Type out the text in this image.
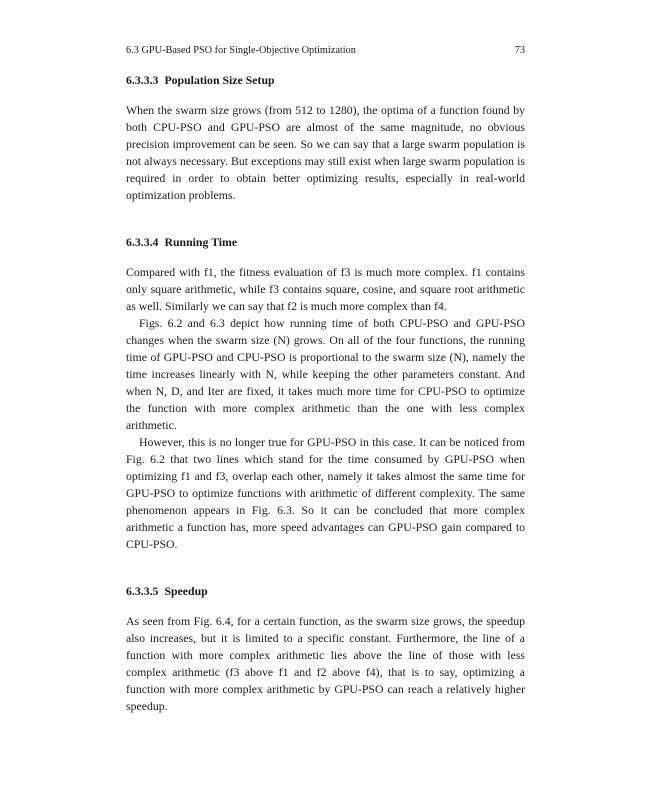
6.3 GPU-Based PSO for Single-Objective Optimization	73
6.3.3.3 Population Size Setup

When the swarm size grows (from 512 to 1280), the optima of a function found by both CPU-PSO and GPU-PSO are almost of the same magnitude, no obvious precision improvement can be seen. So we can say that a large swarm population is not always necessary. But exceptions may still exist when large swarm population is required in order to obtain better optimizing results, especially in real-world optimization problems.

6.3.3.4 Running Time

Compared with f1, the fitness evaluation of f3 is much more complex. f1 contains only square arithmetic, while f3 contains square, cosine, and square root arithmetic as well. Similarly we can say that f2 is much more complex than f4.

Figs. 6.2 and 6.3 depict how running time of both CPU-PSO and GPU-PSO changes when the swarm size (N) grows. On all of the four functions, the running time of GPU-PSO and CPU-PSO is proportional to the swarm size (N), namely the time increases linearly with N, while keeping the other parameters constant. And when N, D, and Iter are fixed, it takes much more time for CPU-PSO to optimize the function with more complex arithmetic than the one with less complex arithmetic.

However, this is no longer true for GPU-PSO in this case. It can be noticed from Fig. 6.2 that two lines which stand for the time consumed by GPU-PSO when optimizing f1 and f3, overlap each other, namely it takes almost the same time for GPU-PSO to optimize functions with arithmetic of different complexity. The same phenomenon appears in Fig. 6.3. So it can be concluded that more complex arithmetic a function has, more speed advantages can GPU-PSO gain compared to CPU-PSO.

6.3.3.5 Speedup

As seen from Fig. 6.4, for a certain function, as the swarm size grows, the speedup also increases, but it is limited to a specific constant. Furthermore, the line of a function with more complex arithmetic lies above the line of those with less complex arithmetic (f3 above f1 and f2 above f4), that is to say, optimizing a function with more complex arithmetic by GPU-PSO can reach a relatively higher speedup.
